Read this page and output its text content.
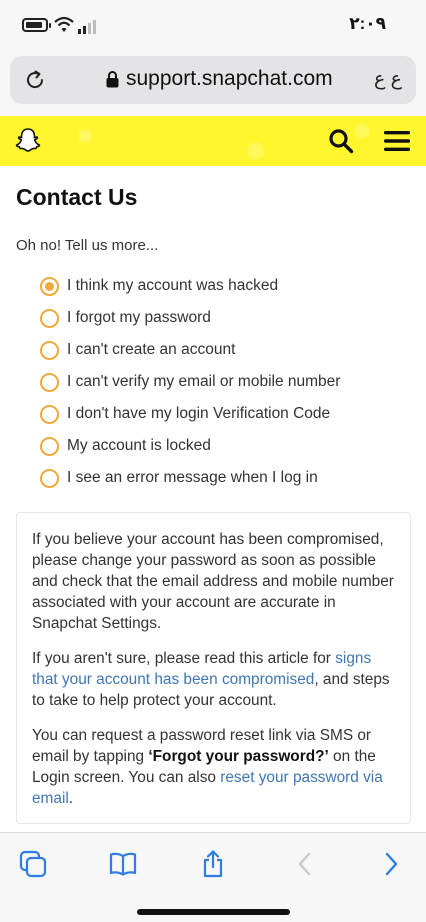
٢:٠٩
support.snapchat.com ع ع
Contact Us
Oh no! Tell us more...
I think my account was hacked
I forgot my password
I can't create an account
I can't verify my email or mobile number
I don't have my login Verification Code
My account is locked
I see an error message when I log in

If you believe your account has been compromised, please change your password as soon as possible and check that the email address and mobile number associated with your account are accurate in Snapchat Settings.

If you aren't sure, please read this article for signs that your account has been compromised, and steps to take to help protect your account.

You can request a password reset link via SMS or email by tapping ‘Forgot your password?’ on the Login screen. You can also reset your password via email.
